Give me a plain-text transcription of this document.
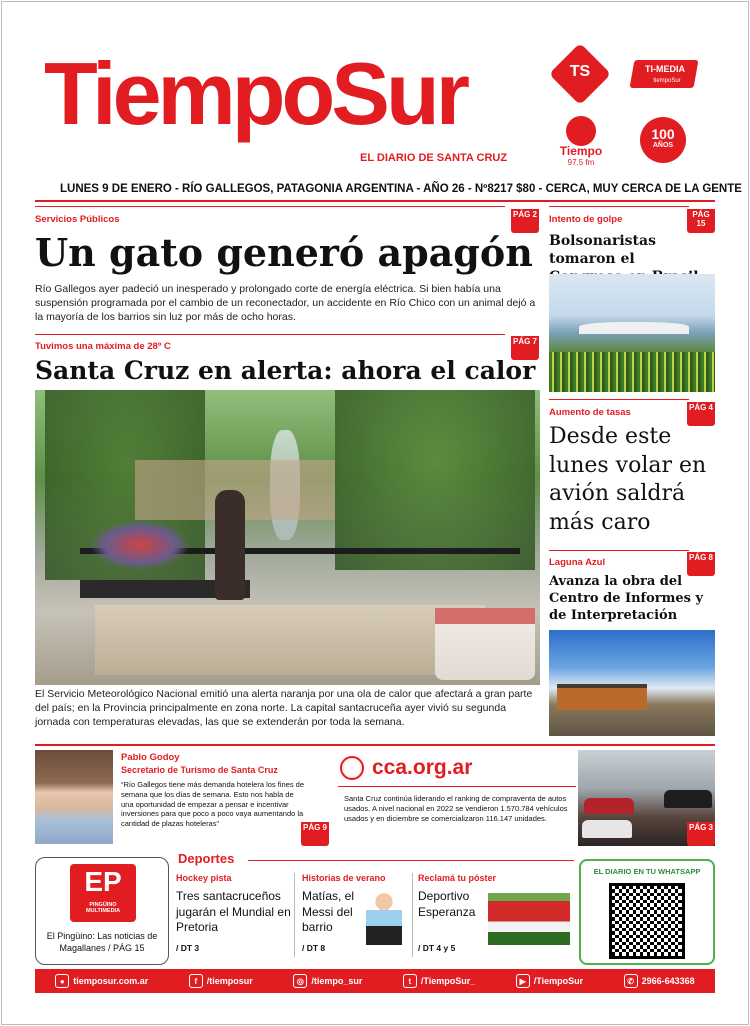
TiempoSur
EL DIARIO DE SANTA CRUZ
TS	TI-MEDIA
tiempoSur
Tiempo
97.5 fm
100
AÑOS
LUNES 9 DE ENERO - RÍO GALLEGOS, PATAGONIA ARGENTINA - AÑO 26 - Nº8217 $80 - CERCA, MUY CERCA DE LA GENTE
Servicios Públicos	PÁG 2
Un gato generó apagón
Río Gallegos ayer padeció un inesperado y prolongado corte de energía eléctrica. Si bien había una suspensión programada por el cambio de un reconectador, un accidente en Río Chico con un animal dejó a la mayoría de los barrios sin luz por más de ocho horas.
Tuvimos una máxima de 28º C	PÁG 7
Santa Cruz en alerta: ahora el calor
El Servicio Meteorológico Nacional emitió una alerta naranja por una ola de calor que afectará a gran parte del país; en la Provincia principalmente en zona norte. La capital santacruceña ayer vivió su segunda jornada con temperaturas elevadas, las que se extenderán por toda la semana.
Intento de golpe	PÁG 15
Bolsonaristas tomaron el
Aumento de tasas	PÁG 4
Desde este lunes volar en avión saldrá más caro
Laguna Azul	PÁG 8
Avanza la obra del Centro de Informes y de Interpretación
Pablo Godoy
Secretario de Turismo de Santa Cruz
“Río Gallegos tiene más demanda hotelera los fines de semana que los días de semana. Esto nos habla de una oportunidad de empezar a pensar e incentivar inversiones para que poco a poco vaya aumentando la cantidad de plazas hoteleras”	PÁG 9
cca.org.ar
Santa Cruz continúa liderando el ranking de compraventa de autos usados. A nivel nacional en 2022 se vendieron 1.570.784 vehículos usados y en diciembre se comercializaron 116.147 unidades.
PÁG 3
EP
PINGÜINO MULTIMEDIA
El Pingüino: Las noticias de Magallanes / PÁG 15
Deportes
Hockey pista
Tres santacruceños jugarán el Mundial en Pretoria
/ DT 3
Historias de verano
Matías, el Messi del barrio
/ DT 8
Reclamá tu póster
Deportivo Esperanza
/ DT 4 y 5
EL DIARIO EN TU WHATSAPP
● tiemposur.com.ar	f	/tiemposur	◎ /tiempo_sur	t	/TiempoSur_	▶ /TiempoSur	✆ 2966-643368
